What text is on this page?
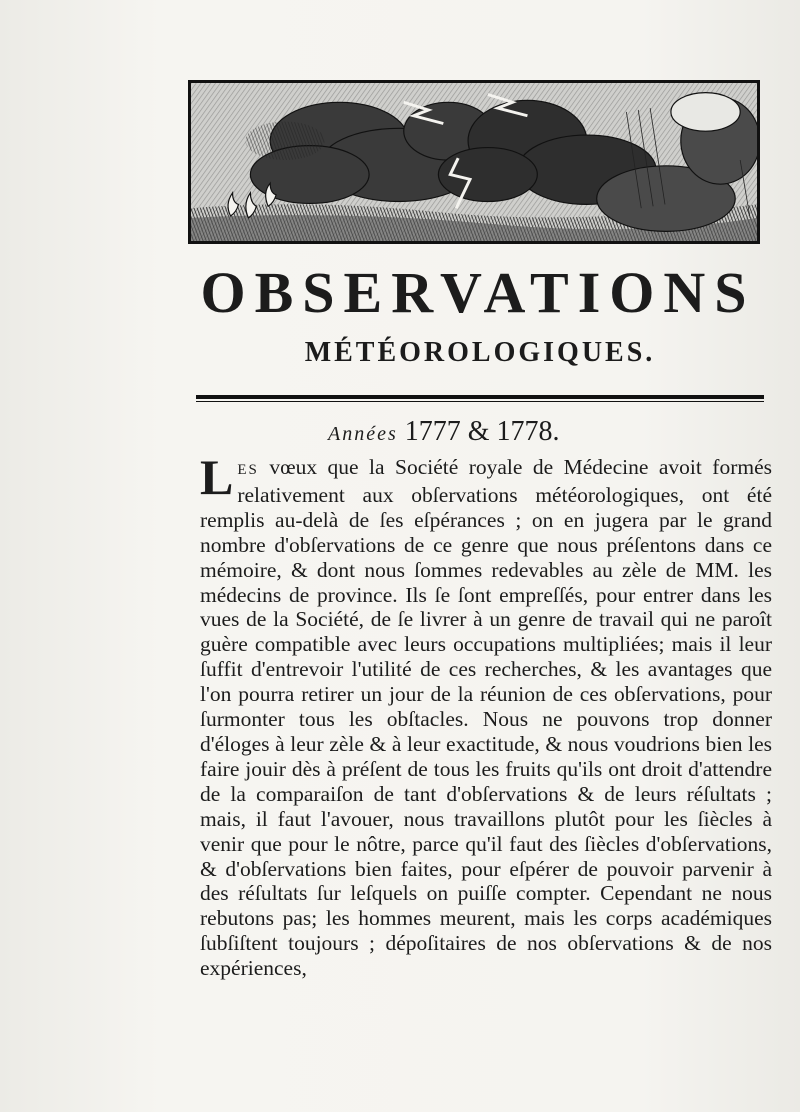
OBSERVATIONS
MÉTÉOROLOGIQUES.
Années 1777 & 1778.

LES vœux que la Société royale de Médecine avoit formés relativement aux obſervations météorologiques, ont été remplis au-delà de ſes eſpérances ; on en jugera par le grand nombre d'obſervations de ce genre que nous préſentons dans ce mémoire, & dont nous ſommes redevables au zèle de MM. les médecins de province. Ils ſe ſont empreſſés, pour entrer dans les vues de la Société, de ſe livrer à un genre de travail qui ne paroît guère compatible avec leurs occupations multipliées; mais il leur ſuffit d'entrevoir l'utilité de ces recherches, & les avantages que l'on pourra retirer un jour de la réunion de ces obſervations, pour ſurmonter tous les obſtacles. Nous ne pouvons trop donner d'éloges à leur zèle & à leur exactitude, & nous voudrions bien les faire jouir dès à préſent de tous les fruits qu'ils ont droit d'attendre de la comparaiſon de tant d'obſervations & de leurs réſultats ; mais, il faut l'avouer, nous travaillons plutôt pour les ſiècles à venir que pour le nôtre, parce qu'il faut des ſiècles d'obſervations, & d'obſervations bien faites, pour eſpérer de pouvoir parvenir à des réſultats ſur leſquels on puiſſe compter. Cependant ne nous rebutons pas; les hommes meurent, mais les corps académiques ſubſiſtent toujours ; dépoſitaires de nos obſervations & de nos expériences,
